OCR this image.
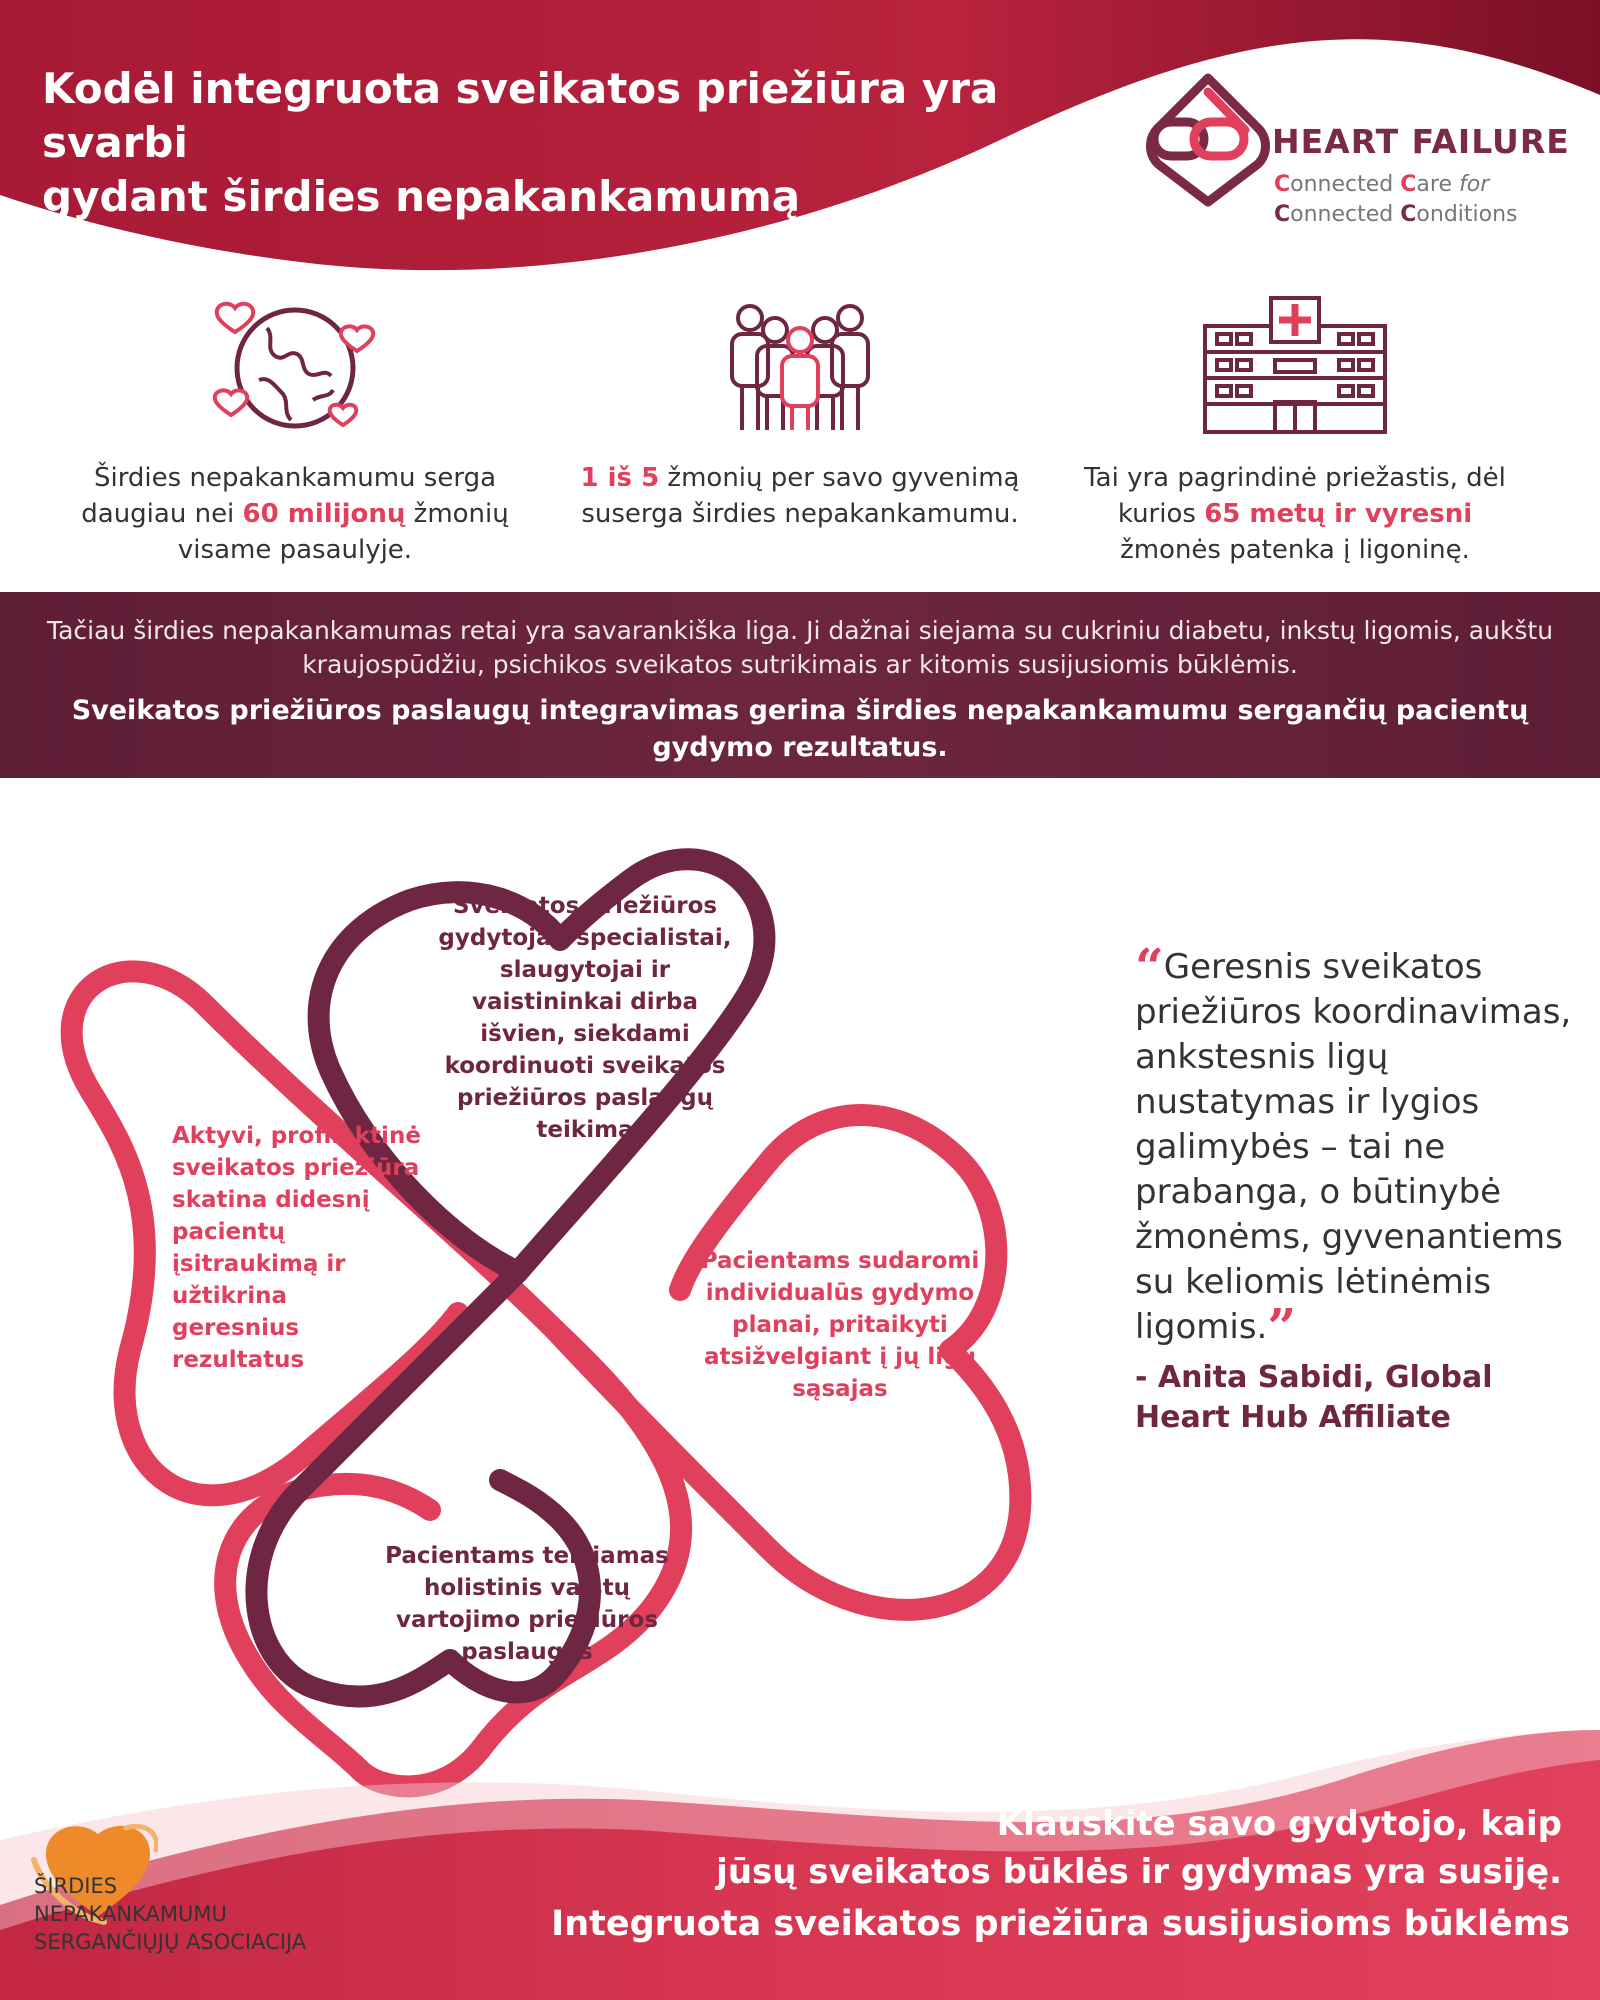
Kodėl integruota sveikatos priežiūra yra svarbi
gydant širdies nepakankamumą
HEART FAILURE
Connected Care for
Connected Conditions

Širdies nepakankamumu serga daugiau nei 60 milijonų žmonių visame pasaulyje.

1 iš 5 žmonių per savo gyvenimą suserga širdies nepakankamumu.

Tai yra pagrindinė priežastis, dėl kurios 65 metų ir vyresni žmonės patenka į ligoninę.

Tačiau širdies nepakankamumas retai yra savarankiška liga. Ji dažnai siejama su cukriniu diabetu, inkstų ligomis, aukštu kraujospūdžiu, psichikos sveikatos sutrikimais ar kitomis susijusiomis būklėmis.

Sveikatos priežiūros paslaugų integravimas gerina širdies nepakankamumu sergančių pacientų gydymo rezultatus.

Sveikatos priežiūros gydytojai, specialistai, slaugytojai ir vaistininkai dirba išvien, siekdami koordinuoti sveikatos priežiūros paslaugų teikimą
Aktyvi, profilaktinė sveikatos priežiūra skatina didesnį pacientų įsitraukimą ir užtikrina geresnius rezultatus
Pacientams sudaromi individualūs gydymo planai, pritaikyti atsižvelgiant į jų ligų sąsajas
Pacientams teikiamas holistinis vaistų vartojimo priežiūros paslaugos

“Geresnis sveikatos priežiūros koordinavimas, ankstesnis ligų nustatymas ir lygios galimybės – tai ne prabanga, o būtinybė žmonėms, gyvenantiems su keliomis lėtinėmis ligomis.”

- Anita Sabidi, Global Heart Hub Affiliate

Klauskite savo gydytojo, kaip
jūsų sveikatos būklės ir gydymas yra susiję.
Integruota sveikatos priežiūra susijusioms būklėms
ŠIRDIES
NEPAKANKAMUMU
SERGANČIŲJŲ ASOCIACIJA
